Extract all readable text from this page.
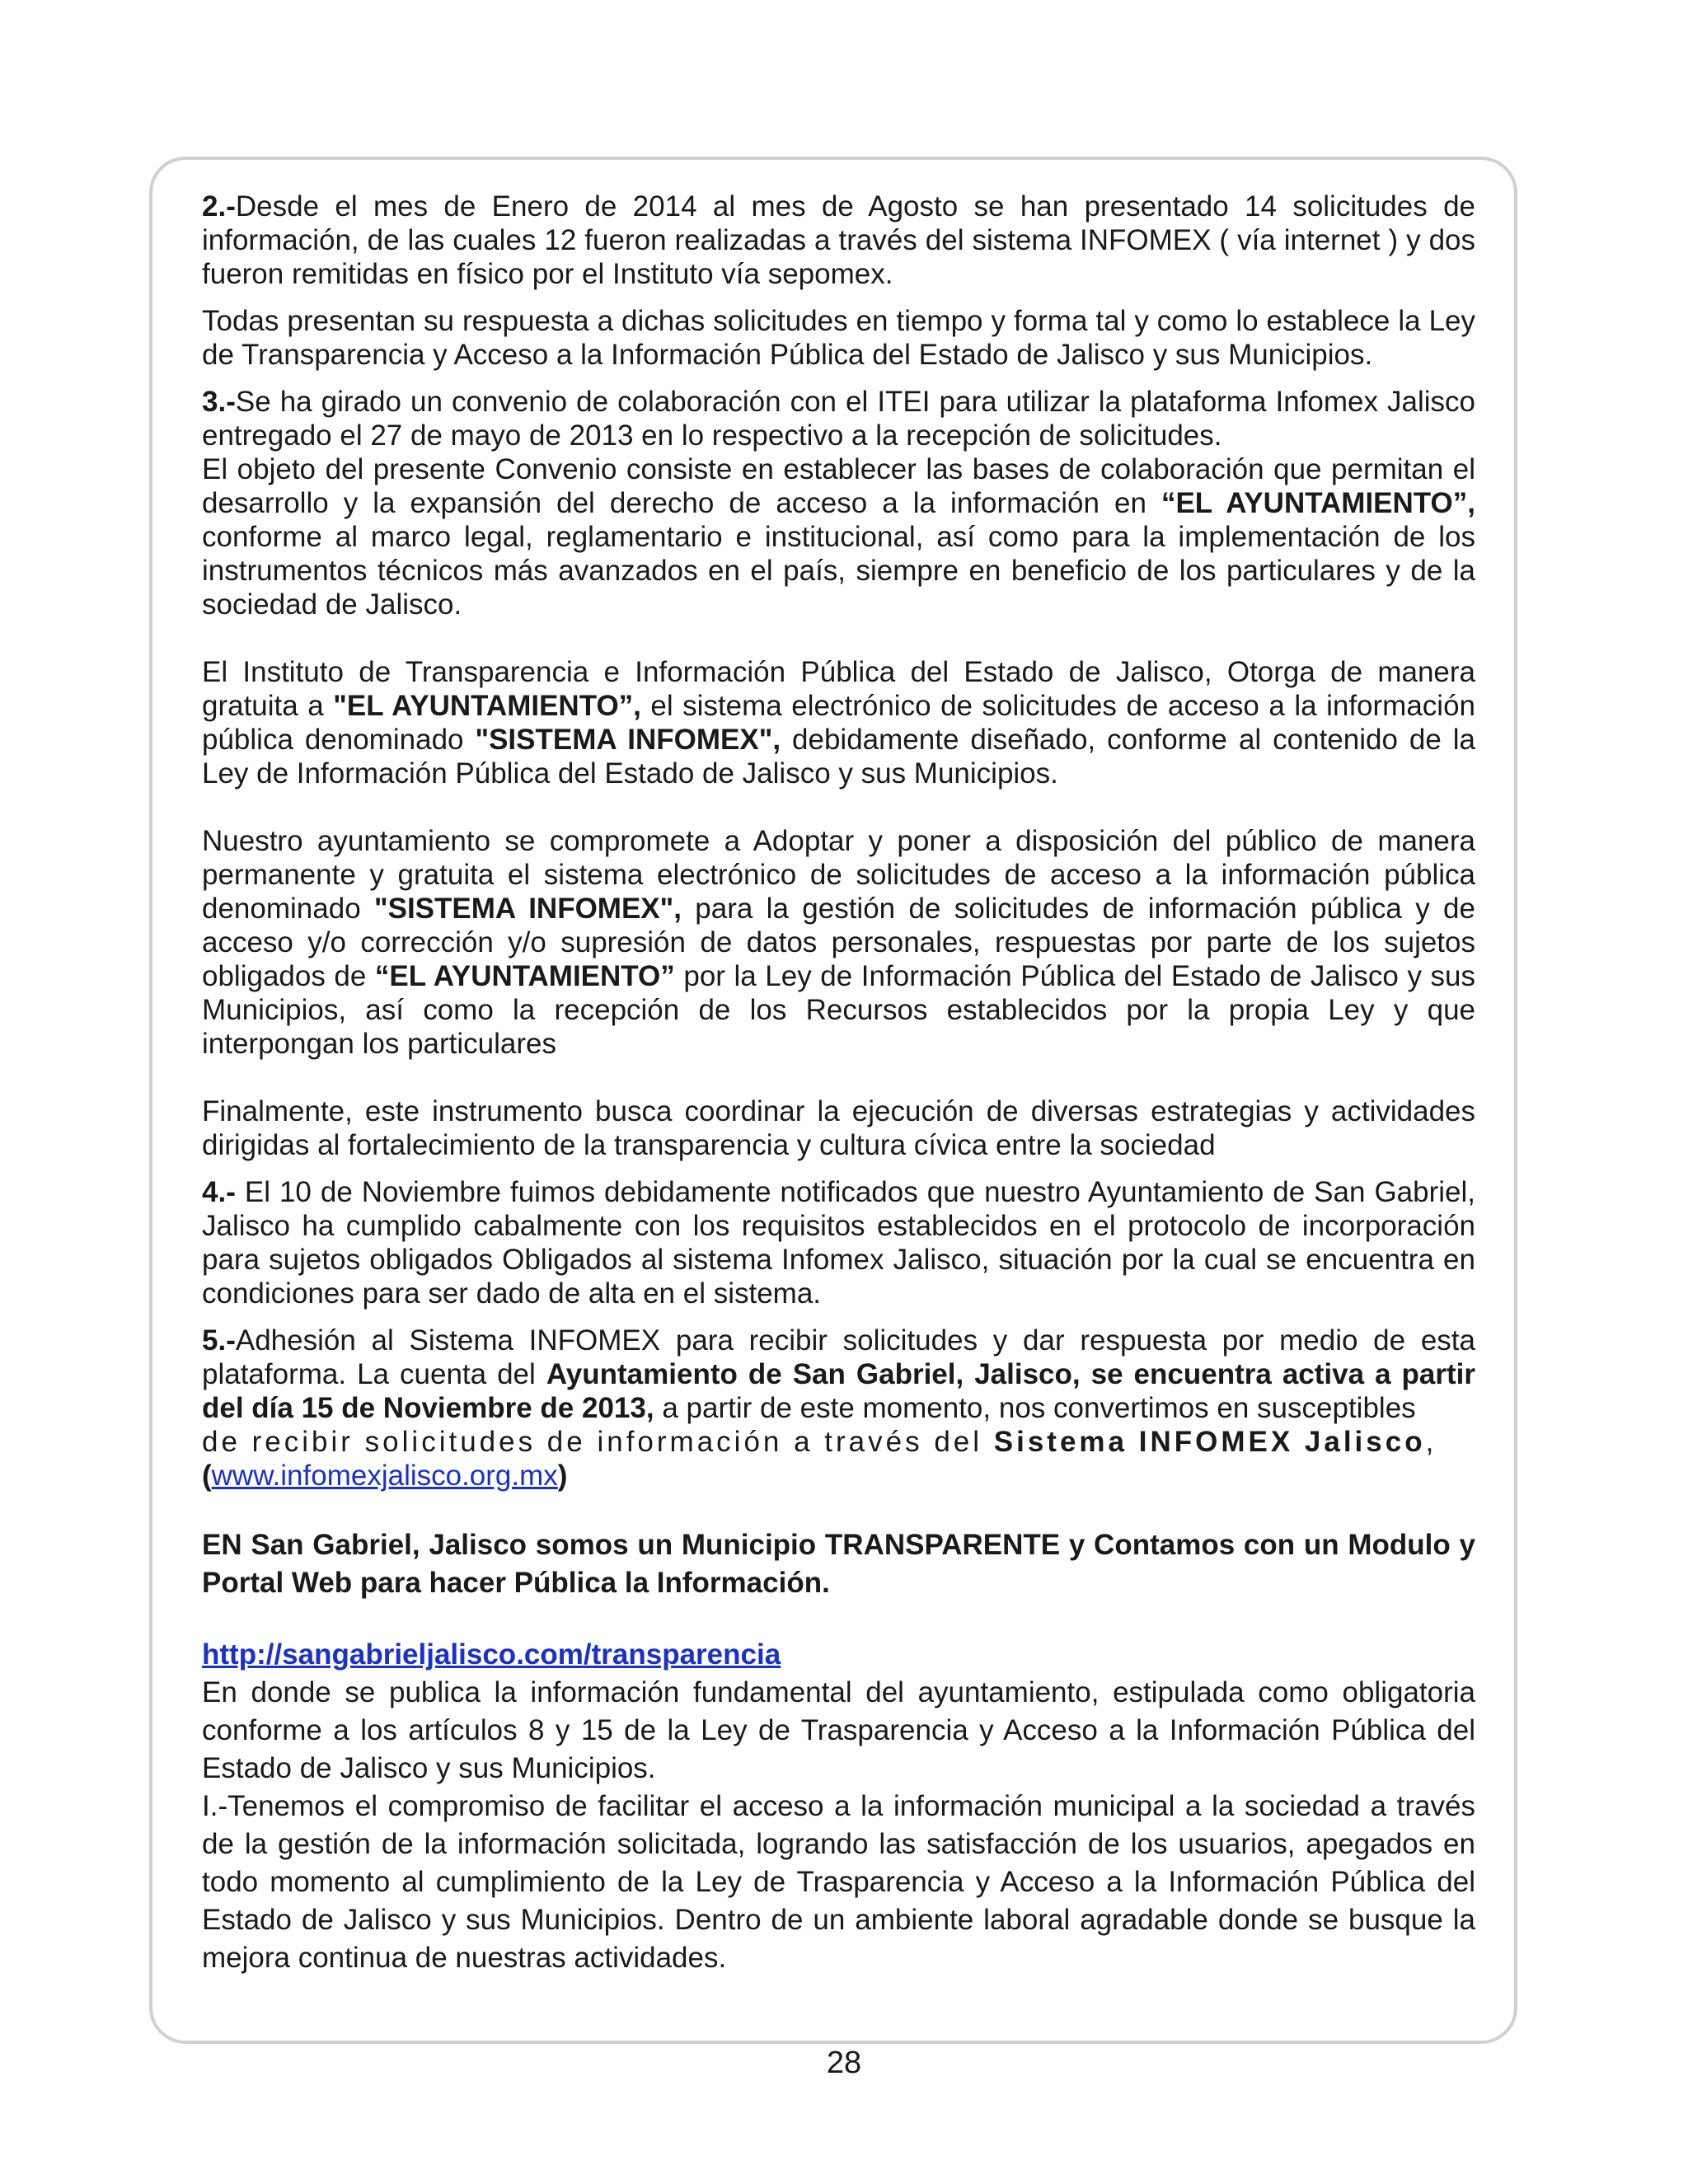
2.-Desde el mes de Enero de 2014 al mes de Agosto se han presentado 14 solicitudes de información, de las cuales 12 fueron realizadas a través del sistema INFOMEX ( vía internet ) y dos fueron remitidas en físico por el Instituto vía sepomex.

Todas presentan su respuesta a dichas solicitudes en tiempo y forma tal y como lo establece la Ley de Transparencia y Acceso a la Información Pública del Estado de Jalisco y sus Municipios.

3.-Se ha girado un convenio de colaboración con el ITEI para utilizar la plataforma Infomex Jalisco entregado el 27 de mayo de 2013 en lo respectivo a la recepción de solicitudes.

El objeto del presente Convenio consiste en establecer las bases de colaboración que permitan el desarrollo y la expansión del derecho de acceso a la información en “EL AYUNTAMIENTO”, conforme al marco legal, reglamentario e institucional, así como para la implementación de los instrumentos técnicos más avanzados en el país, siempre en beneficio de los particulares y de la sociedad de Jalisco.

El Instituto de Transparencia e Información Pública del Estado de Jalisco, Otorga de manera gratuita a "EL AYUNTAMIENTO”, el sistema electrónico de solicitudes de acceso a la información pública denominado "SISTEMA INFOMEX", debidamente diseñado, conforme al contenido de la Ley de Información Pública del Estado de Jalisco y sus Municipios.

Nuestro ayuntamiento se compromete a Adoptar y poner a disposición del público de manera permanente y gratuita el sistema electrónico de solicitudes de acceso a la información pública denominado "SISTEMA INFOMEX", para la gestión de solicitudes de información pública y de acceso y/o corrección y/o supresión de datos personales, respuestas por parte de los sujetos obligados de “EL AYUNTAMIENTO” por la Ley de Información Pública del Estado de Jalisco y sus Municipios, así como la recepción de los Recursos establecidos por la propia Ley y que interpongan los particulares

Finalmente, este instrumento busca coordinar la ejecución de diversas estrategias y actividades dirigidas al fortalecimiento de la transparencia y cultura cívica entre la sociedad

4.- El 10 de Noviembre fuimos debidamente notificados que nuestro Ayuntamiento de San Gabriel, Jalisco ha cumplido cabalmente con los requisitos establecidos en el protocolo de incorporación para sujetos obligados Obligados al sistema Infomex Jalisco, situación por la cual se encuentra en condiciones para ser dado de alta en el sistema.

5.-Adhesión al Sistema INFOMEX para recibir solicitudes y dar respuesta por medio de esta plataforma. La cuenta del Ayuntamiento de San Gabriel, Jalisco, se encuentra activa a partir del día 15 de Noviembre de 2013, a partir de este momento, nos convertimos en susceptibles

de recibir solicitudes de información a través del Sistema INFOMEX Jalisco,

(www.infomexjalisco.org.mx)

EN San Gabriel, Jalisco somos un Municipio TRANSPARENTE y Contamos con un Modulo y Portal Web para hacer Pública la Información.

http://sangabrieljalisco.com/transparencia

En donde se publica la información fundamental del ayuntamiento, estipulada como obligatoria conforme a los artículos 8 y 15 de la Ley de Trasparencia y Acceso a la Información Pública del Estado de Jalisco y sus Municipios.

I.-Tenemos el compromiso de facilitar el acceso a la información municipal a la sociedad a través de la gestión de la información solicitada, logrando las satisfacción de los usuarios, apegados en todo momento al cumplimiento de la Ley de Trasparencia y Acceso a la Información Pública del Estado de Jalisco y sus Municipios. Dentro de un ambiente laboral agradable donde se busque la mejora continua de nuestras actividades.

28
